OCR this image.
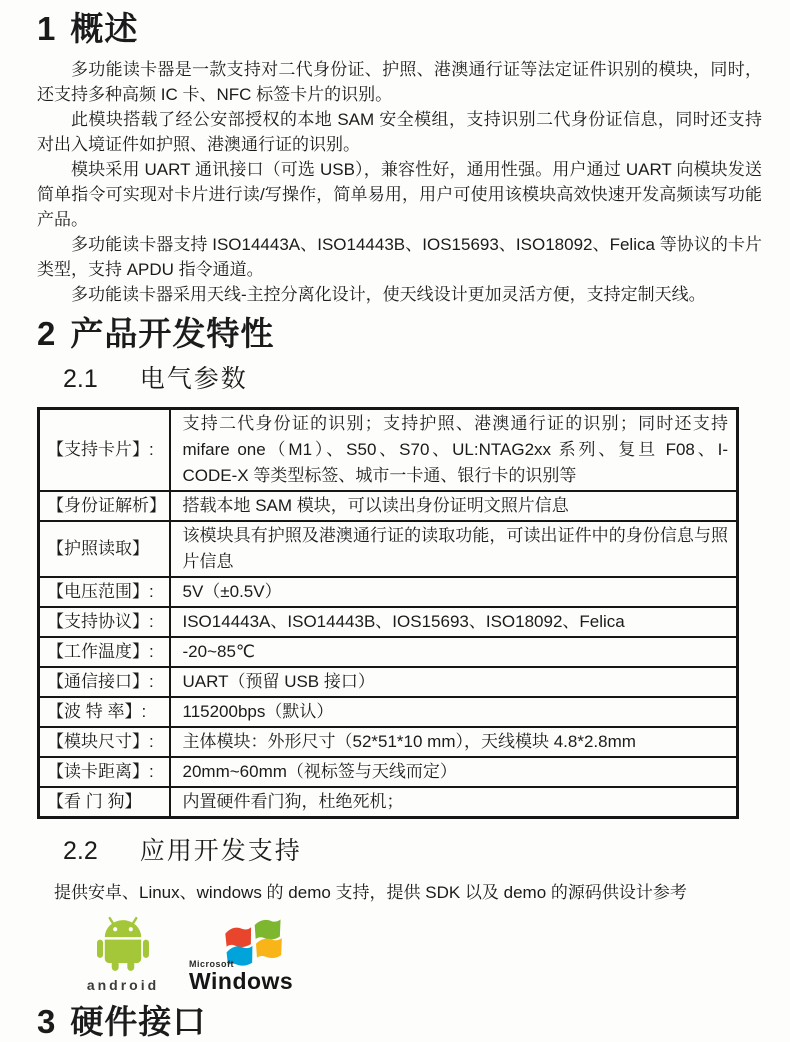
1 概述

多功能读卡器是一款支持对二代身份证、护照、港澳通行证等法定证件识别的模块，同时，还支持多种高频 IC 卡、NFC 标签卡片的识别。

此模块搭载了经公安部授权的本地 SAM 安全模组，支持识别二代身份证信息，同时还支持对出入境证件如护照、港澳通行证的识别。

模块采用 UART 通讯接口（可选 USB），兼容性好，通用性强。用户通过 UART 向模块发送简单指令可实现对卡片进行读/写操作，简单易用，用户可使用该模块高效快速开发高频读写功能产品。

多功能读卡器支持 ISO14443A、ISO14443B、IOS15693、ISO18092、Felica 等协议的卡片类型，支持 APDU 指令通道。

多功能读卡器采用天线-主控分离化设计，使天线设计更加灵活方便，支持定制天线。

2 产品开发特性
2.1 电气参数
【支持卡片】:	支持二代身份证的识别；支持护照、港澳通行证的识别；同时还支持 mifare one（M1）、S50、S70、UL:NTAG2xx 系列、复旦 F08、I-CODE-X 等类型标签、城市一卡通、银行卡的识别等
【身份证解析】	搭载本地 SAM 模块，可以读出身份证明文照片信息
【护照读取】	该模块具有护照及港澳通行证的读取功能，可读出证件中的身份信息与照片信息
【电压范围】:	5V（±0.5V）
【支持协议】:	ISO14443A、ISO14443B、IOS15693、ISO18092、Felica
【工作温度】:	-20~85℃
【通信接口】:	UART（预留 USB 接口）
【波 特 率】:	115200bps（默认）
【模块尺寸】:	主体模块：外形尺寸（52*51*10 mm），天线模块 4.8*2.8mm
【读卡距离】:	20mm~60mm（视标签与天线而定）
【看 门 狗】	内置硬件看门狗，杜绝死机；
2.2 应用开发支持

提供安卓、Linux、windows 的 demo 支持，提供 SDK 以及 demo 的源码供设计参考

android
Microsoft
Windows
3 硬件接口
